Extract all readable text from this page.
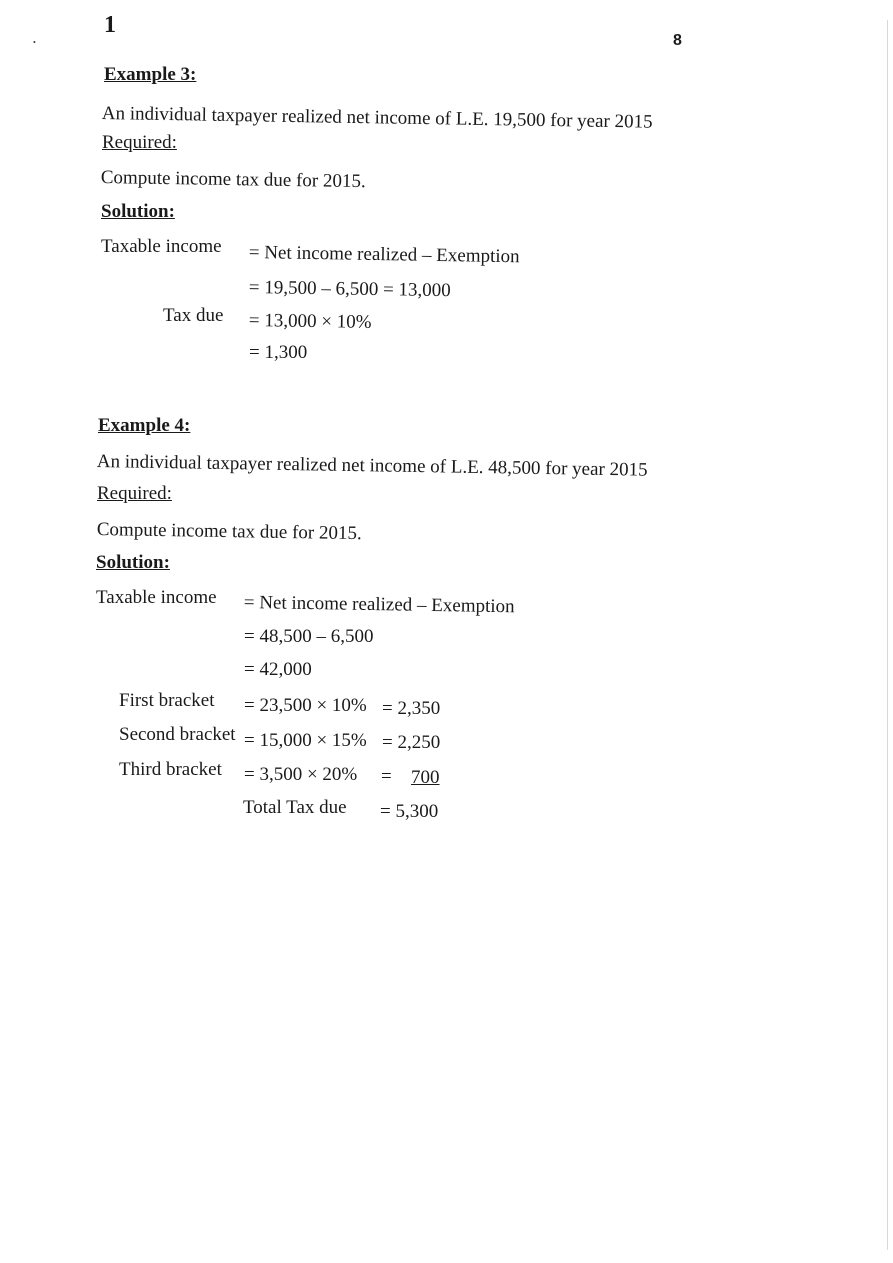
1
•	8
Example 3:
An individual taxpayer realized net income of L.E. 19,500 for year 2015
Required:
Compute income tax due for 2015.
Solution:
Taxable income = Net income realized – Exemption
= 19,500 – 6,500 = 13,000
Tax due = 13,000 × 10%
= 1,300
Example 4:
An individual taxpayer realized net income of L.E. 48,500 for year 2015
Required:
Compute income tax due for 2015.
Solution:
Taxable income = Net income realized – Exemption
= 48,500 – 6,500
= 42,000
First bracket = 23,500 × 10% = 2,350
Second bracket = 15,000 × 15% = 2,250
Third bracket = 3,500 × 20% =	700
Total Tax due = 5,300
